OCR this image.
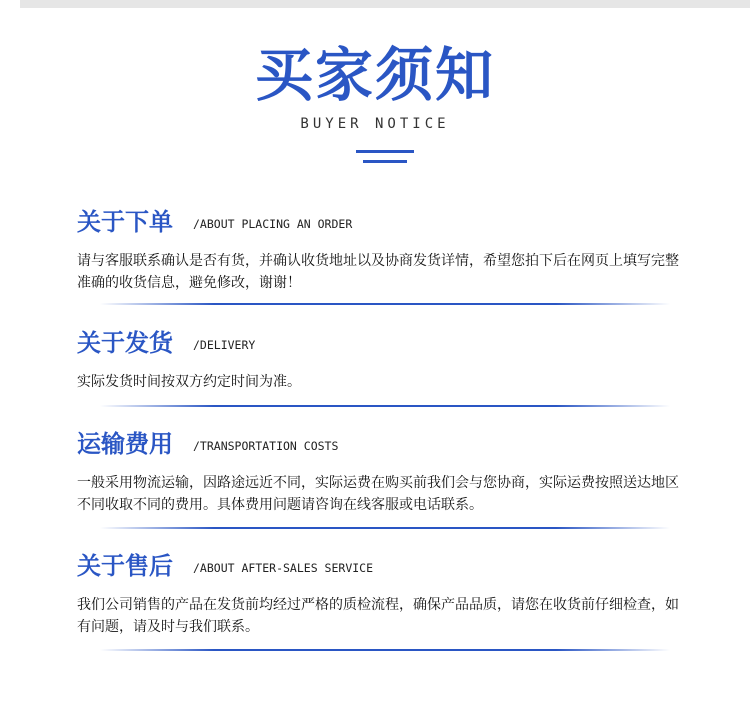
买家须知
BUYER NOTICE
关于下单 /ABOUT PLACING AN ORDER
请与客服联系确认是否有货，并确认收货地址以及协商发货详情，希望您拍下后在网页上填写完整准确的收货信息，避免修改，谢谢！
关于发货 /DELIVERY
实际发货时间按双方约定时间为准。
运输费用 /TRANSPORTATION COSTS
一般采用物流运输，因路途远近不同，实际运费在购买前我们会与您协商，实际运费按照送达地区不同收取不同的费用。具体费用问题请咨询在线客服或电话联系。
关于售后 /ABOUT AFTER-SALES SERVICE
我们公司销售的产品在发货前均经过严格的质检流程，确保产品品质，请您在收货前仔细检查，如有问题，请及时与我们联系。
